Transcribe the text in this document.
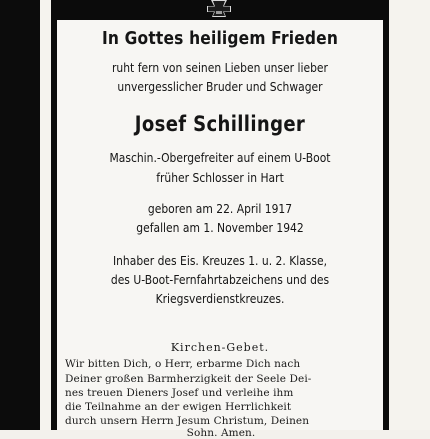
In Gottes heiligem Frieden
ruht fern von seinen Lieben unser lieber
unvergesslicher Bruder und Schwager
Josef Schillinger
Maschin.-Obergefreiter auf einem U-Boot
früher Schlosser in Hart
geboren am 22. April 1917
gefallen am 1. November 1942
Inhaber des Eis. Kreuzes 1. u. 2. Klasse,
des U-Boot-Fernfahrtabzeichens und des
Kriegsverdienstkreuzes.
Kirchen-Gebet.
Wir bitten Dich, o Herr, erbarme Dich nach
Deiner großen Barmherzigkeit der Seele Dei-
nes treuen Dieners Josef und verleihe ihm
die Teilnahme an der ewigen Herrlichkeit
durch unsern Herrn Jesum Christum, Deinen
Sohn. Amen.
